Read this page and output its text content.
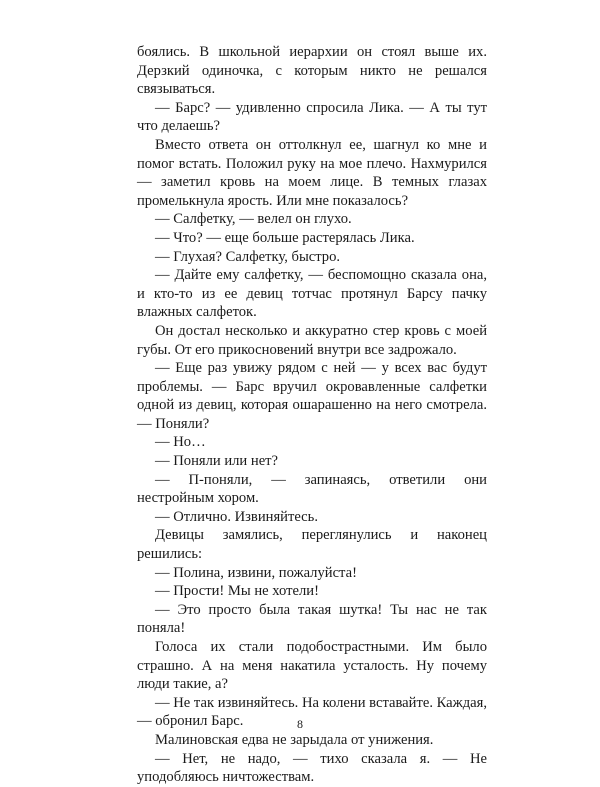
боялись. В школьной иерархии он стоял выше их. Дерзкий одиночка, с которым никто не решался связываться.

— Барс? — удивленно спросила Лика. — А ты тут что делаешь?

Вместо ответа он оттолкнул ее, шагнул ко мне и помог встать. Положил руку на мое плечо. Нахмурился — заметил кровь на моем лице. В темных глазах промелькнула ярость. Или мне показалось?

— Салфетку, — велел он глухо.

— Что? — еще больше растерялась Лика.

— Глухая? Салфетку, быстро.

— Дайте ему салфетку, — беспомощно сказала она, и кто-то из ее девиц тотчас протянул Барсу пачку влажных салфеток.

Он достал несколько и аккуратно стер кровь с моей губы. От его прикосновений внутри все задрожало.

— Еще раз увижу рядом с ней — у всех вас будут проблемы. — Барс вручил окровавленные салфетки одной из девиц, которая ошарашенно на него смотрела. — Поняли?

— Но…

— Поняли или нет?

— П-поняли, — запинаясь, ответили они нестройным хором.

— Отлично. Извиняйтесь.

Девицы замялись, переглянулись и наконец решились:

— Полина, извини, пожалуйста!

— Прости! Мы не хотели!

— Это просто была такая шутка! Ты нас не так поняла!

Голоса их стали подобострастными. Им было страшно. А на меня накатила усталость. Ну почему люди такие, а?

— Не так извиняйтесь. На колени вставайте. Каждая, — обронил Барс.

Малиновская едва не зарыдала от унижения.

— Нет, не надо, — тихо сказала я. — Не уподобляюсь ничтожествам.

8
